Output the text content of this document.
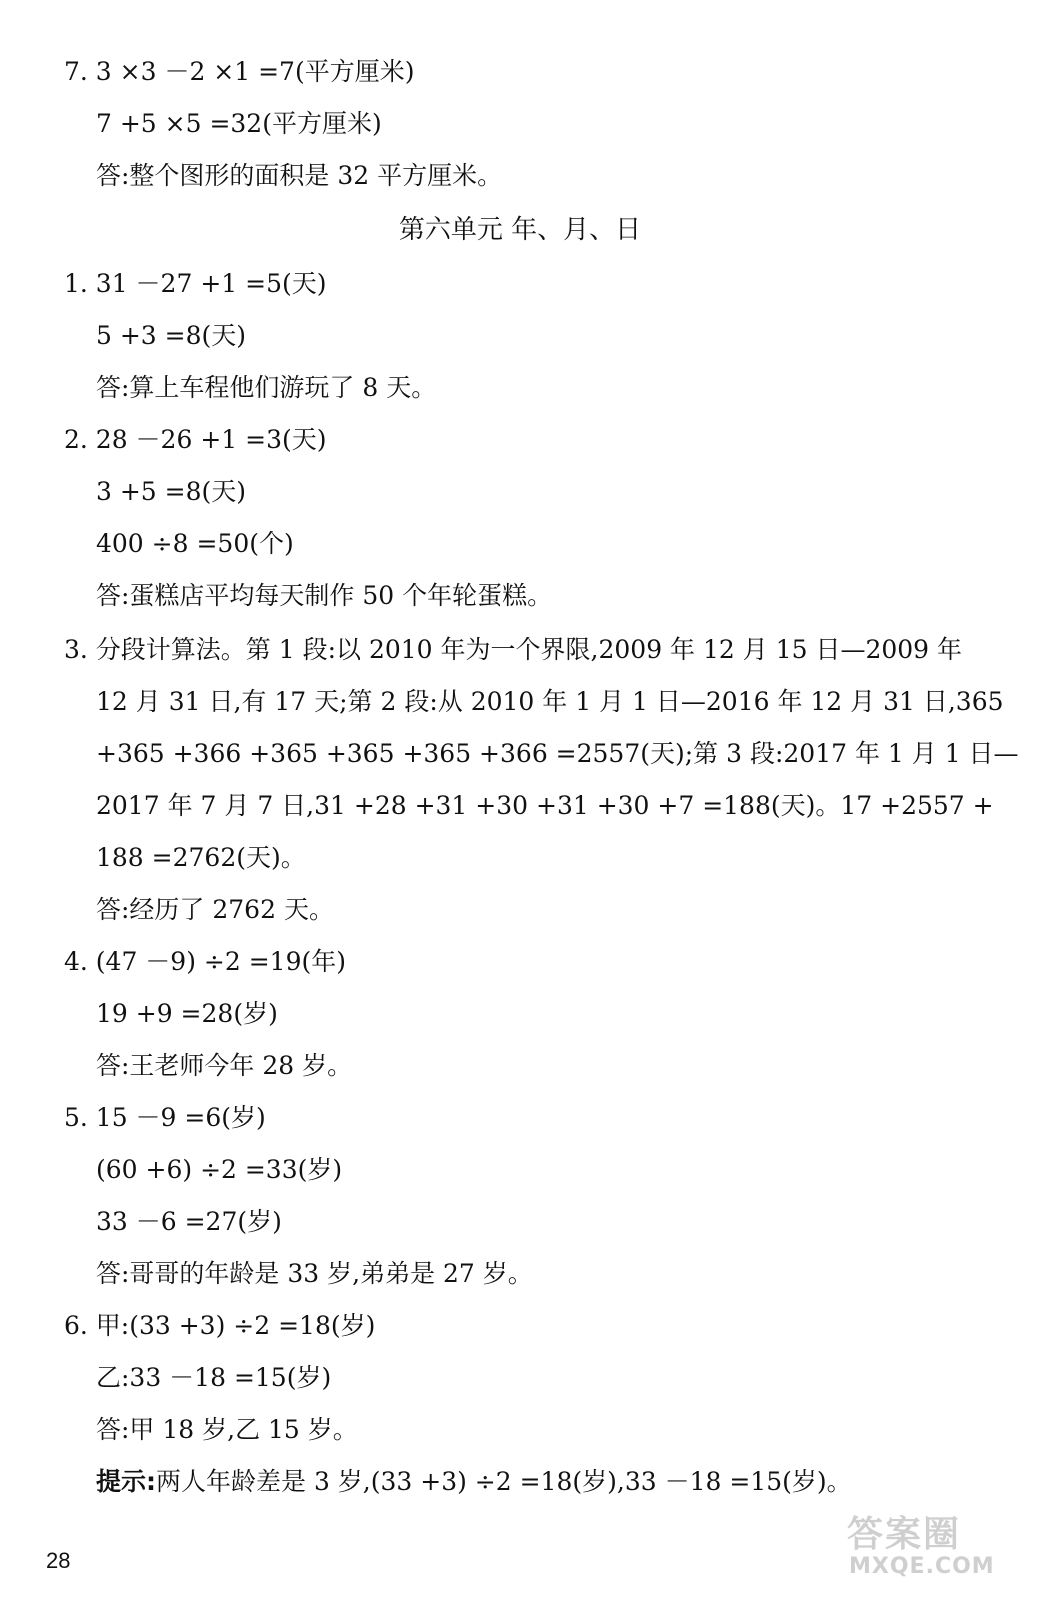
7. 3 ×3 －2 ×1 =7(平方厘米)
7 +5 ×5 =32(平方厘米)
答:整个图形的面积是 32 平方厘米。
第六单元 年、月、日
1. 31 －27 +1 =5(天)
5 +3 =8(天)
答:算上车程他们游玩了 8 天。
2. 28 －26 +1 =3(天)
3 +5 =8(天)
400 ÷8 =50(个)
答:蛋糕店平均每天制作 50 个年轮蛋糕。
3. 分段计算法。第 1 段:以 2010 年为一个界限,2009 年 12 月 15 日—2009 年
12 月 31 日,有 17 天;第 2 段:从 2010 年 1 月 1 日—2016 年 12 月 31 日,365
+365 +366 +365 +365 +365 +366 =2557(天);第 3 段:2017 年 1 月 1 日—
2017 年 7 月 7 日,31 +28 +31 +30 +31 +30 +7 =188(天)。17 +2557 +
188 =2762(天)。
答:经历了 2762 天。
4. (47 －9) ÷2 =19(年)
19 +9 =28(岁)
答:王老师今年 28 岁。
5. 15 －9 =6(岁)
(60 +6) ÷2 =33(岁)
33 －6 =27(岁)
答:哥哥的年龄是 33 岁,弟弟是 27 岁。
6. 甲:(33 +3) ÷2 =18(岁)
乙:33 －18 =15(岁)
答:甲 18 岁,乙 15 岁。
提示:两人年龄差是 3 岁,(33 +3) ÷2 =18(岁),33 －18 =15(岁)。
28
答案圈
MXQE.COM
